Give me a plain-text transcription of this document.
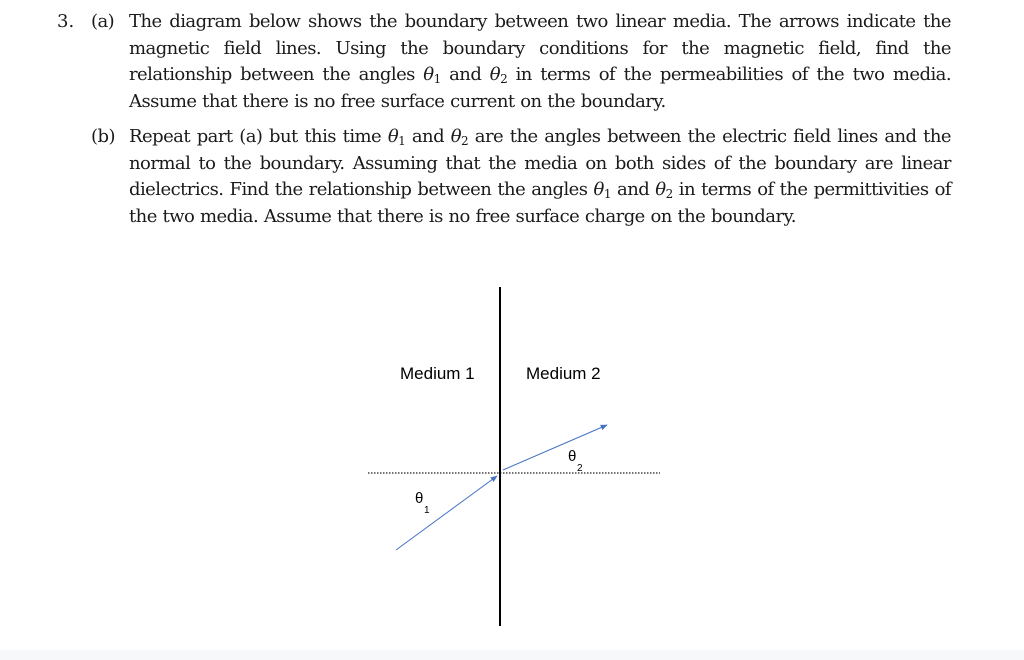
3. (a) The diagram below shows the boundary between two linear media. The arrows indicate the magnetic field lines. Using the boundary conditions for the magnetic field, find the relationship between the angles $\theta_1$ and $\theta_2$ in terms of the permeabilities of the two media. Assume that there is no free surface current on the boundary.
(b) Repeat part (a) but this time $\theta_1$ and $\theta_2$ are the angles between the electric field lines and the normal to the boundary. Assuming that the media on both sides of the boundary are linear dielectrics. Find the relationship between the angles $\theta_1$ and $\theta_2$ in terms of the permittivities of the two media. Assume that there is no free surface charge on the boundary.
Medium 1	Medium 2
θ
1
θ
2
